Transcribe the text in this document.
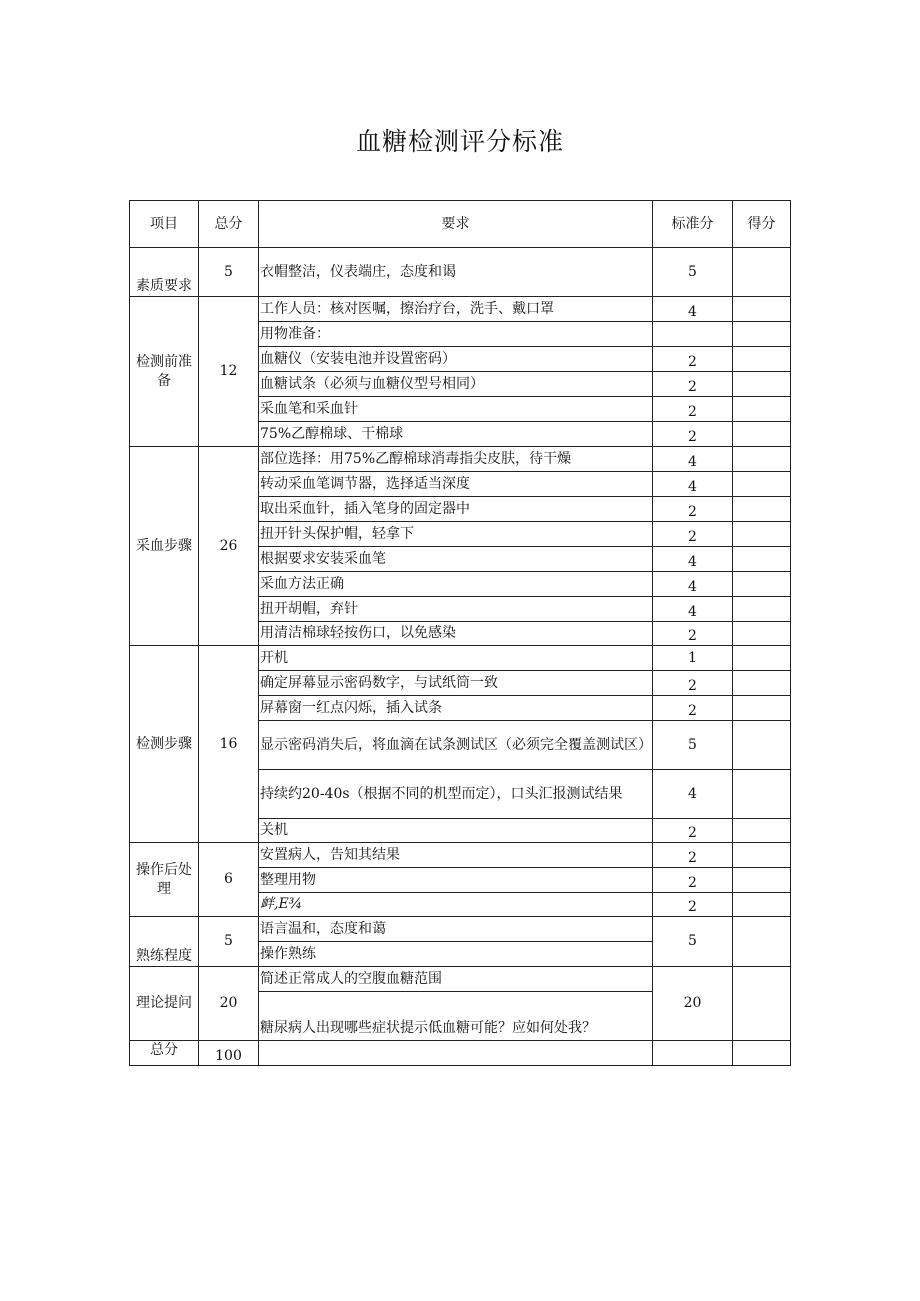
血糖检测评分标准
项目	总分	要求	标准分	得分
素质要求	5	衣帽整洁，仪表端庄，态度和谒	5	
检测前准备	12	工作人员：核对医嘱，擦治疗台，洗手、戴口罩	4	
		用物准备：		
		血糖仪（安装电池并设置密码）	2	
		血糖试条（必须与血糖仪型号相同）	2	
		采血笔和采血针	2	
		75%乙醇棉球、干棉球	2	
采血步骤	26	部位选择：用75%乙醇棉球消毒指尖皮肤，待干燥	4	
		转动采血笔调节器，选择适当深度	4	
		取出采血针，插入笔身的固定器中	2	
		扭开针头保护帽，轻拿下	2	
		根据要求安装采血笔	4	
		采血方法正确	4	
		扭开胡帽，弃针	4	
		用清洁棉球轻按伤口，以免感染	2	
检测步骤	16	开机	1	
		确定屏幕显示密码数字，与试纸筒一致	2	
		屏幕窗一红点闪烁，插入试条	2	
		显示密码消失后，将血滴在试条测试区（必须完全覆盖测试区）	5	
		持续约20-40s（根据不同的机型而定），口头汇报测试结果	4	
		关机	2	
操作后处理	6	安置病人，告知其结果	2	
		整理用物	2	
		衅,E¾	2	
熟练程度	5	语言温和，态度和蔼	5	
		操作熟练		
理论提问	20	简述正常成人的空腹血糖范围	20	
		糖尿病人出现哪些症状提示低血糖可能？应如何处我？		
总分	100			
